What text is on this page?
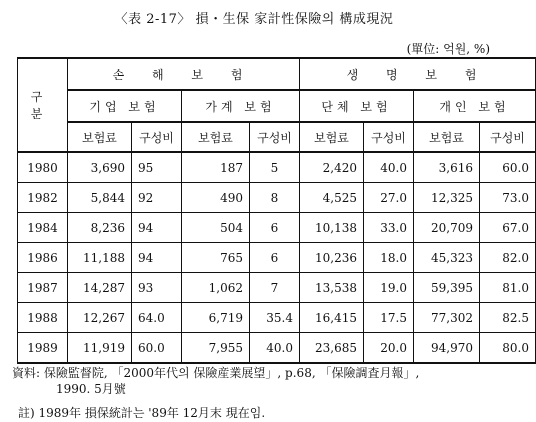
〈表 2-17〉 損・生保 家計性保險의 構成現況
(單位: 억원, %)
구 분	손 해 보 험				생 명 보 험			
	기업 보험		가계 보험		단체 보험		개인 보험	
	보험료	구성비	보험료	구성비	보험료	구성비	보험료	구성비
1980	3,690	95	187	5	2,420	40.0	3,616	60.0
1982	5,844	92	490	8	4,525	27.0	12,325	73.0
1984	8,236	94	504	6	10,138	33.0	20,709	67.0
1986	11,188	94	765	6	10,236	18.0	45,323	82.0
1987	14,287	93	1,062	7	13,538	19.0	59,395	81.0
1988	12,267	64.0	6,719	35.4	16,415	17.5	77,302	82.5
1989	11,919	60.0	7,955	40.0	23,685	20.0	94,970	80.0
資料: 保險監督院, 「2000年代의 保險産業展望」, p.68, 「保險調査月報」,
1990. 5月號
註) 1989年 損保統計는 '89年 12月末 現在임.
